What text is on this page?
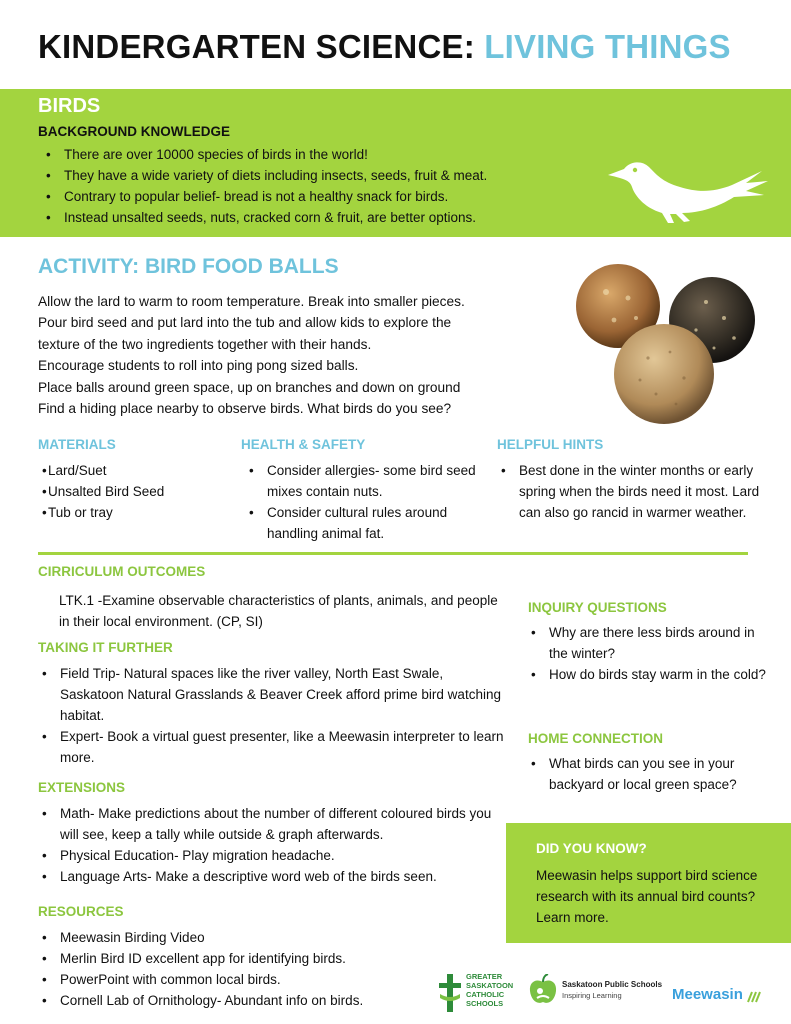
KINDERGARTEN SCIENCE: LIVING THINGS
BIRDS
BACKGROUND KNOWLEDGE
• There are over 10000 species of birds in the world!
• They have a wide variety of diets including insects, seeds, fruit & meat.
• Contrary to popular belief- bread is not a healthy snack for birds.
• Instead unsalted seeds, nuts, cracked corn & fruit, are better options.
ACTIVITY: BIRD FOOD BALLS
Allow the lard to warm to room temperature. Break into smaller pieces.
Pour bird seed and put lard into the tub and allow kids to explore the
texture of the two ingredients together with their hands.
Encourage students to roll into ping pong sized balls.
Place balls around green space, up on branches and down on ground
Find a hiding place nearby to observe birds. What birds do you see?
MATERIALS
• Lard/Suet
• Unsalted Bird Seed
• Tub or tray
HEALTH & SAFETY
• Consider allergies- some bird seed mixes contain nuts.
• Consider cultural rules around handling animal fat.
HELPFUL HINTS
• Best done in the winter months or early spring when the birds need it most. Lard can also go rancid in warmer weather.
CIRRICULUM OUTCOMES
LTK.1 -Examine observable characteristics of plants, animals, and people in their local environment. (CP, SI)
TAKING IT FURTHER
• Field Trip- Natural spaces like the river valley, North East Swale, Saskatoon Natural Grasslands & Beaver Creek afford prime bird watching habitat.
• Expert- Book a virtual guest presenter, like a Meewasin interpreter to learn more.
EXTENSIONS
• Math- Make predictions about the number of different coloured birds you will see, keep a tally while outside & graph afterwards.
• Physical Education- Play migration headache.
• Language Arts- Make a descriptive word web of the birds seen.
RESOURCES
• Meewasin Birding Video
• Merlin Bird ID excellent app for identifying birds.
• PowerPoint with common local birds.
• Cornell Lab of Ornithology- Abundant info on birds.
INQUIRY QUESTIONS
• Why are there less birds around in the winter?
• How do birds stay warm in the cold?
HOME CONNECTION
• What birds can you see in your backyard or local green space?
DID YOU KNOW?
Meewasin helps support bird science research with its annual bird counts? Learn more.
GREATER
SASKATOON
CATHOLIC
SCHOOLS
Saskatoon Public Schools
Inspiring Learning	Meewasin
